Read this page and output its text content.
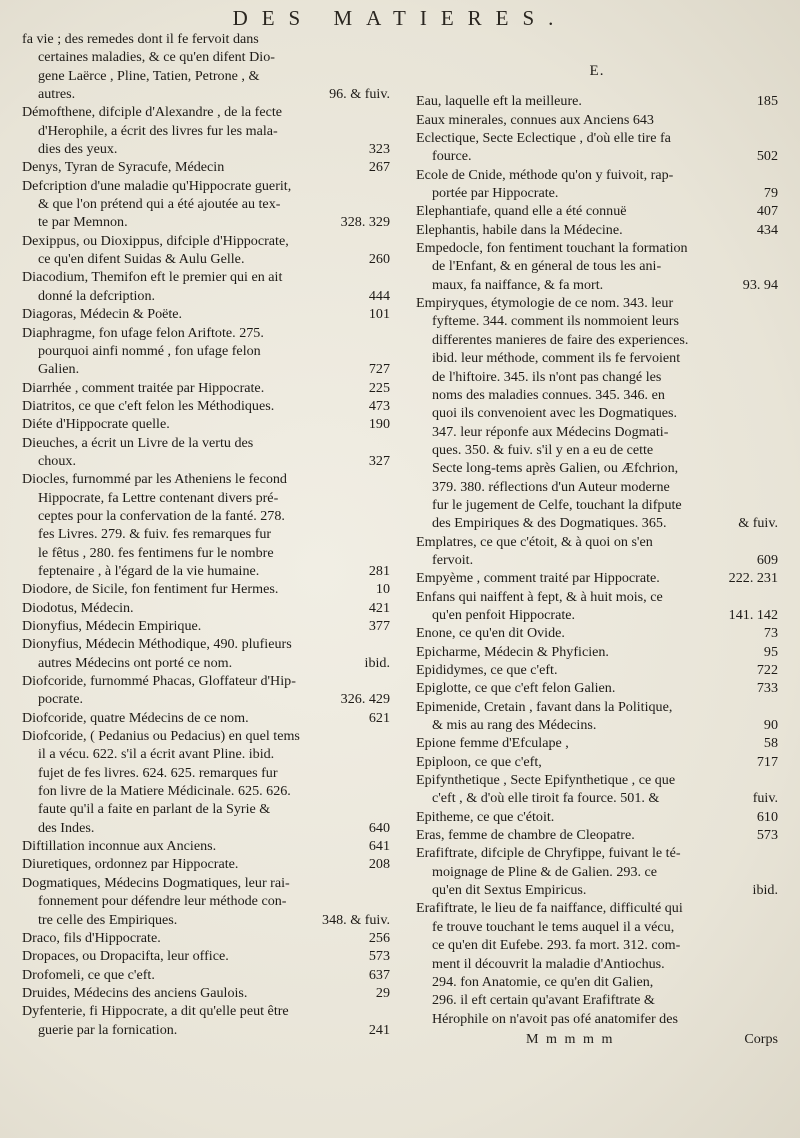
DES MATIERES.
fa vie ; des remedes dont il fe fervoit dans
certaines maladies, & ce qu'en difent Dio-
gene Laërce , Pline, Tatien, Petrone , &
96. & fuiv.
autres.
Démofthene, difciple d'Alexandre , de la fecte
d'Herophile, a écrit des livres fur les mala-
323
dies des yeux.
267
Denys, Tyran de Syracufe, Médecin
Defcription d'une maladie qu'Hippocrate guerit,
& que l'on prétend qui a été ajoutée au tex-
328. 329
te par Memnon.
Dexippus, ou Dioxippus, difciple d'Hippocrate,
260
ce qu'en difent Suidas & Aulu Gelle.
Diacodium, Themifon eft le premier qui en ait
444
donné la defcription.
101
Diagoras, Médecin & Poëte.
Diaphragme, fon ufage felon Ariftote. 275.
pourquoi ainfi nommé , fon ufage felon
727
Galien.
225
Diarrhée , comment traitée par Hippocrate.
473
Diatritos, ce que c'eft felon les Méthodiques.
190
Diéte d'Hippocrate quelle.
Dieuches, a écrit un Livre de la vertu des
327
choux.
Diocles, furnommé par les Atheniens le fecond
Hippocrate, fa Lettre contenant divers pré-
ceptes pour la confervation de la fanté. 278.
fes Livres. 279. & fuiv. fes remarques fur
le fêtus , 280. fes fentimens fur le nombre
281
feptenaire , à l'égard de la vie humaine.
10
Diodore, de Sicile, fon fentiment fur Hermes.
421
Diodotus, Médecin.
377
Dionyfius, Médecin Empirique.
Dionyfius, Médecin Méthodique, 490. plufieurs
ibid.
autres Médecins ont porté ce nom.
Diofcoride, furnommé Phacas, Gloffateur d'Hip-
326. 429
pocrate.
621
Diofcoride, quatre Médecins de ce nom.
Diofcoride, ( Pedanius ou Pedacius) en quel tems
il a vécu. 622. s'il a écrit avant Pline. ibid.
fujet de fes livres. 624. 625. remarques fur
fon livre de la Matiere Médicinale. 625. 626.
faute qu'il a faite en parlant de la Syrie &
640
des Indes.
641
Diftillation inconnue aux Anciens.
208
Diuretiques, ordonnez par Hippocrate.
Dogmatiques, Médecins Dogmatiques, leur rai-
fonnement pour défendre leur méthode con-
348. & fuiv.
tre celle des Empiriques.
256
Draco, fils d'Hippocrate.
573
Dropaces, ou Dropacifta, leur office.
637
Drofomeli, ce que c'eft.
29
Druides, Médecins des anciens Gaulois.
Dyfenterie, fi Hippocrate, a dit qu'elle peut être
241
guerie par la fornication.
E.
185
Eau, laquelle eft la meilleure.
Eaux minerales, connues aux Anciens 643
Eclectique, Secte Eclectique , d'où elle tire fa
502
fource.
Ecole de Cnide, méthode qu'on y fuivoit, rap-
79
portée par Hippocrate.
407
Elephantiafe, quand elle a été connuë
434
Elephantis, habile dans la Médecine.
Empedocle, fon fentiment touchant la formation
de l'Enfant, & en géneral de tous les ani-
93. 94
maux, fa naiffance, & fa mort.
Empiryques, étymologie de ce nom. 343. leur
fyfteme. 344. comment ils nommoient leurs
differentes manieres de faire des experiences.
ibid. leur méthode, comment ils fe fervoient
de l'hiftoire. 345. ils n'ont pas changé les
noms des maladies connues. 345. 346. en
quoi ils convenoient avec les Dogmatiques.
347. leur réponfe aux Médecins Dogmati-
ques. 350. & fuiv. s'il y en a eu de cette
Secte long-tems après Galien, ou Æfchrion,
379. 380. réflections d'un Auteur moderne
fur le jugement de Celfe, touchant la difpute
& fuiv.
des Empiriques & des Dogmatiques. 365.
Emplatres, ce que c'étoit, & à quoi on s'en
609
fervoit.
222. 231
Empyème , comment traité par Hippocrate.
Enfans qui naiffent à fept, & à huit mois, ce
141. 142
qu'en penfoit Hippocrate.
73
Enone, ce qu'en dit Ovide.
95
Epicharme, Médecin & Phyficien.
722
Epididymes, ce que c'eft.
733
Epiglotte, ce que c'eft felon Galien.
Epimenide, Cretain , favant dans la Politique,
90
& mis au rang des Médecins.
58
Epione femme d'Efculape ,
717
Epiploon, ce que c'eft,
Epifynthetique , Secte Epifynthetique , ce que
fuiv.
c'eft , & d'où elle tiroit fa fource. 501. &
610
Epitheme, ce que c'étoit.
573
Eras, femme de chambre de Cleopatre.
Erafiftrate, difciple de Chryfippe, fuivant le té-
moignage de Pline & de Galien. 293. ce
ibid.
qu'en dit Sextus Empiricus.
Erafiftrate, le lieu de fa naiffance, difficulté qui
fe trouve touchant le tems auquel il a vécu,
ce qu'en dit Eufebe. 293. fa mort. 312. com-
ment il découvrit la maladie d'Antiochus.
294. fon Anatomie, ce qu'en dit Galien,
296. il eft certain qu'avant Erafiftrate &
Hérophile on n'avoit pas ofé anatomifer des
M m m m m	Corps
